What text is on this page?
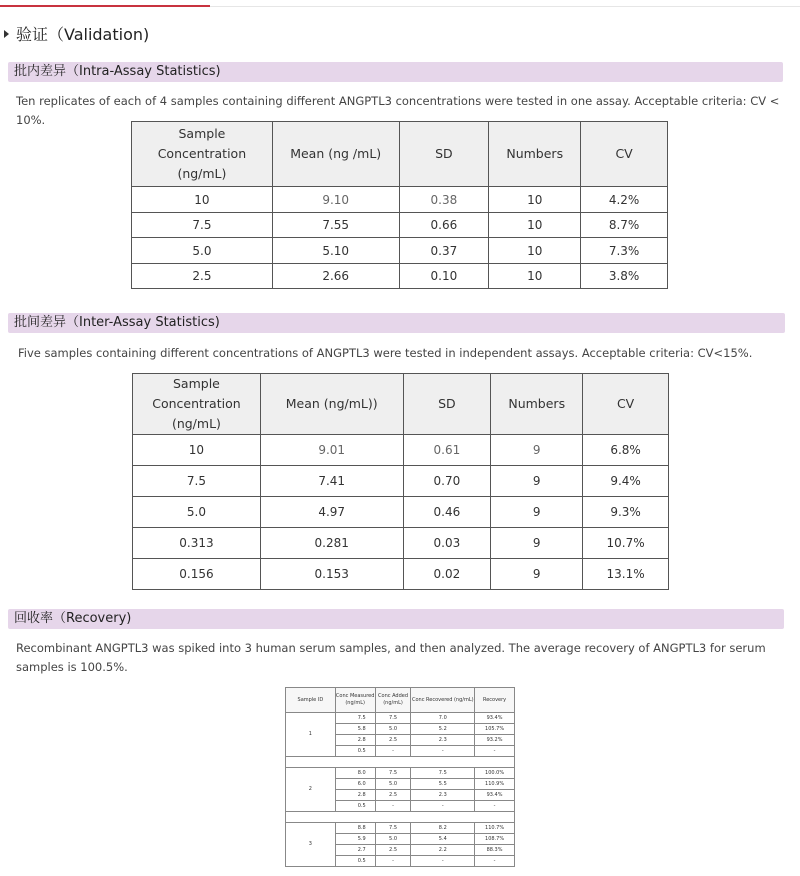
验证（Validation)
批内差异（Intra-Assay Statistics)
Ten replicates of each of 4 samples containing different ANGPTL3 concentrations were tested in one assay. Acceptable criteria: CV < 10%.
Sample Concentration (ng/mL)	Mean (ng /mL)	SD	Numbers	CV
10	9.10	0.38	10	4.2%
7.5	7.55	0.66	10	8.7%
5.0	5.10	0.37	10	7.3%
2.5	2.66	0.10	10	3.8%
批间差异（Inter-Assay Statistics)
Five samples containing different concentrations of ANGPTL3 were tested in independent assays. Acceptable criteria: CV<15%.
Sample Concentration (ng/mL)	Mean (ng/mL))	SD	Numbers	CV
10	9.01	0.61	9	6.8%
7.5	7.41	0.70	9	9.4%
5.0	4.97	0.46	9	9.3%
0.313	0.281	0.03	9	10.7%
0.156	0.153	0.02	9	13.1%
回收率（Recovery)
Recombinant ANGPTL3 was spiked into 3 human serum samples, and then analyzed. The average recovery of ANGPTL3 for serum samples is 100.5%.
Sample ID	Conc Measured (ng/mL)	Conc Added (ng/mL)	Conc Recovered (ng/mL)	Recovery
1	7.5	7.5	7.0	93.4%
	5.8	5.0	5.2	105.7%
	2.8	2.5	2.3	93.2%
	0.5	-	-	-

2	8.0	7.5	7.5	100.0%
	6.0	5.0	5.5	110.9%
	2.8	2.5	2.3	93.4%
	0.5	-	-	-

3	8.8	7.5	8.2	110.7%
	5.9	5.0	5.4	108.7%
	2.7	2.5	2.2	88.3%
	0.5	-	-	-
